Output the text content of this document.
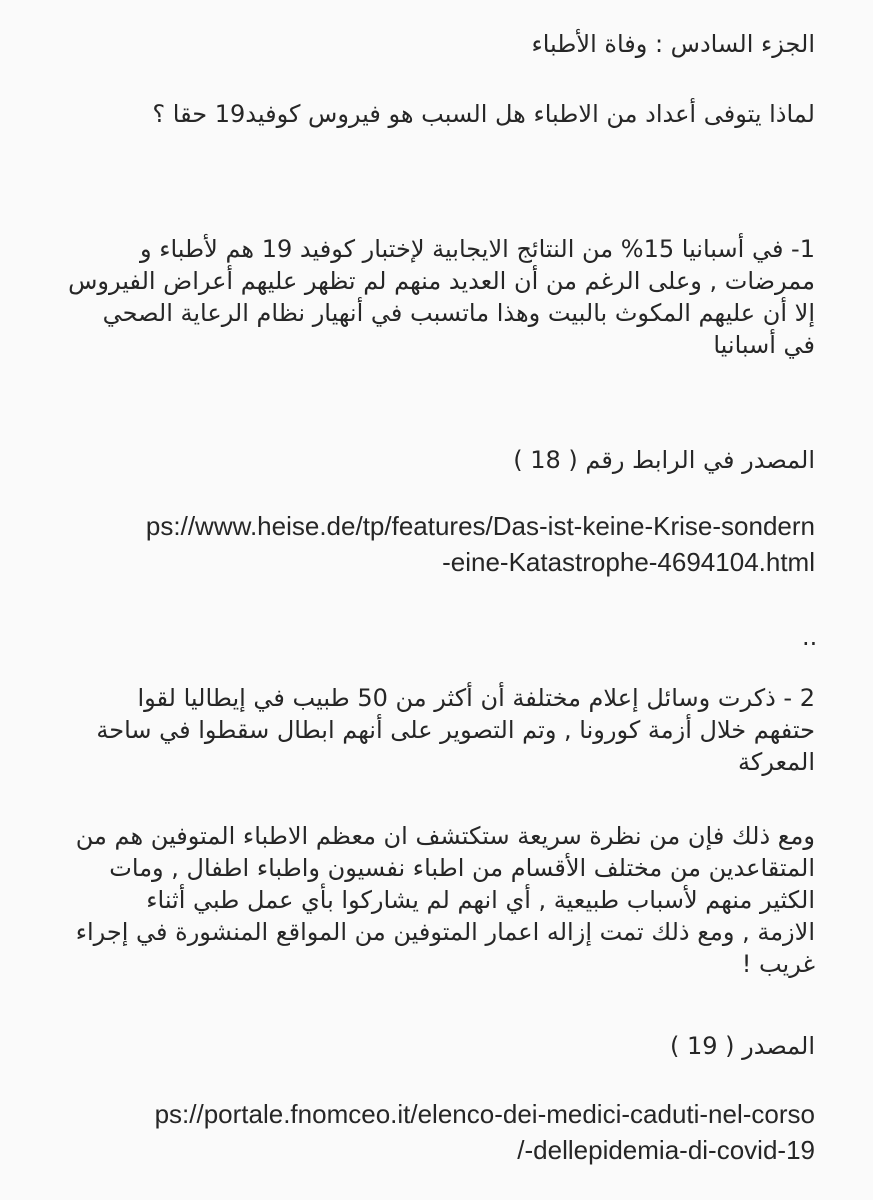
الجزء السادس : وفاة الأطباء
لماذا يتوفى أعداد من الاطباء هل السبب هو فيروس كوفيد19 حقا ؟
1- في أسبانيا 15% من النتائج الايجابية لإختبار كوفيد 19 هم لأطباء و
ممرضات , وعلى الرغم من أن العديد منهم لم تظهر عليهم أعراض الفيروس
إلا أن عليهم المكوث بالبيت وهذا ماتسبب في أنهيار نظام الرعاية الصحي
في أسبانيا
المصدر في الرابط رقم ( 18 )
ps://www.heise.de/tp/features/Das-ist-keine-Krise-sondern
-eine-Katastrophe-4694104.html
..
2 - ذكرت وسائل إعلام مختلفة أن أكثر من 50 طبيب في إيطاليا لقوا
حتفهم خلال أزمة كورونا , وتم التصوير على أنهم ابطال سقطوا في ساحة
المعركة
ومع ذلك فإن من نظرة سريعة ستكتشف ان معظم الاطباء المتوفين هم من
المتقاعدين من مختلف الأقسام من اطباء نفسيون واطباء اطفال , ومات
الكثير منهم لأسباب طبيعية , أي انهم لم يشاركوا بأي عمل طبي أثناء
الازمة , ومع ذلك تمت إزاله اعمار المتوفين من المواقع المنشورة في إجراء
غريب !
المصدر ( 19 )
ps://portale.fnomceo.it/elenco-dei-medici-caduti-nel-corso
/-dellepidemia-di-covid-19
